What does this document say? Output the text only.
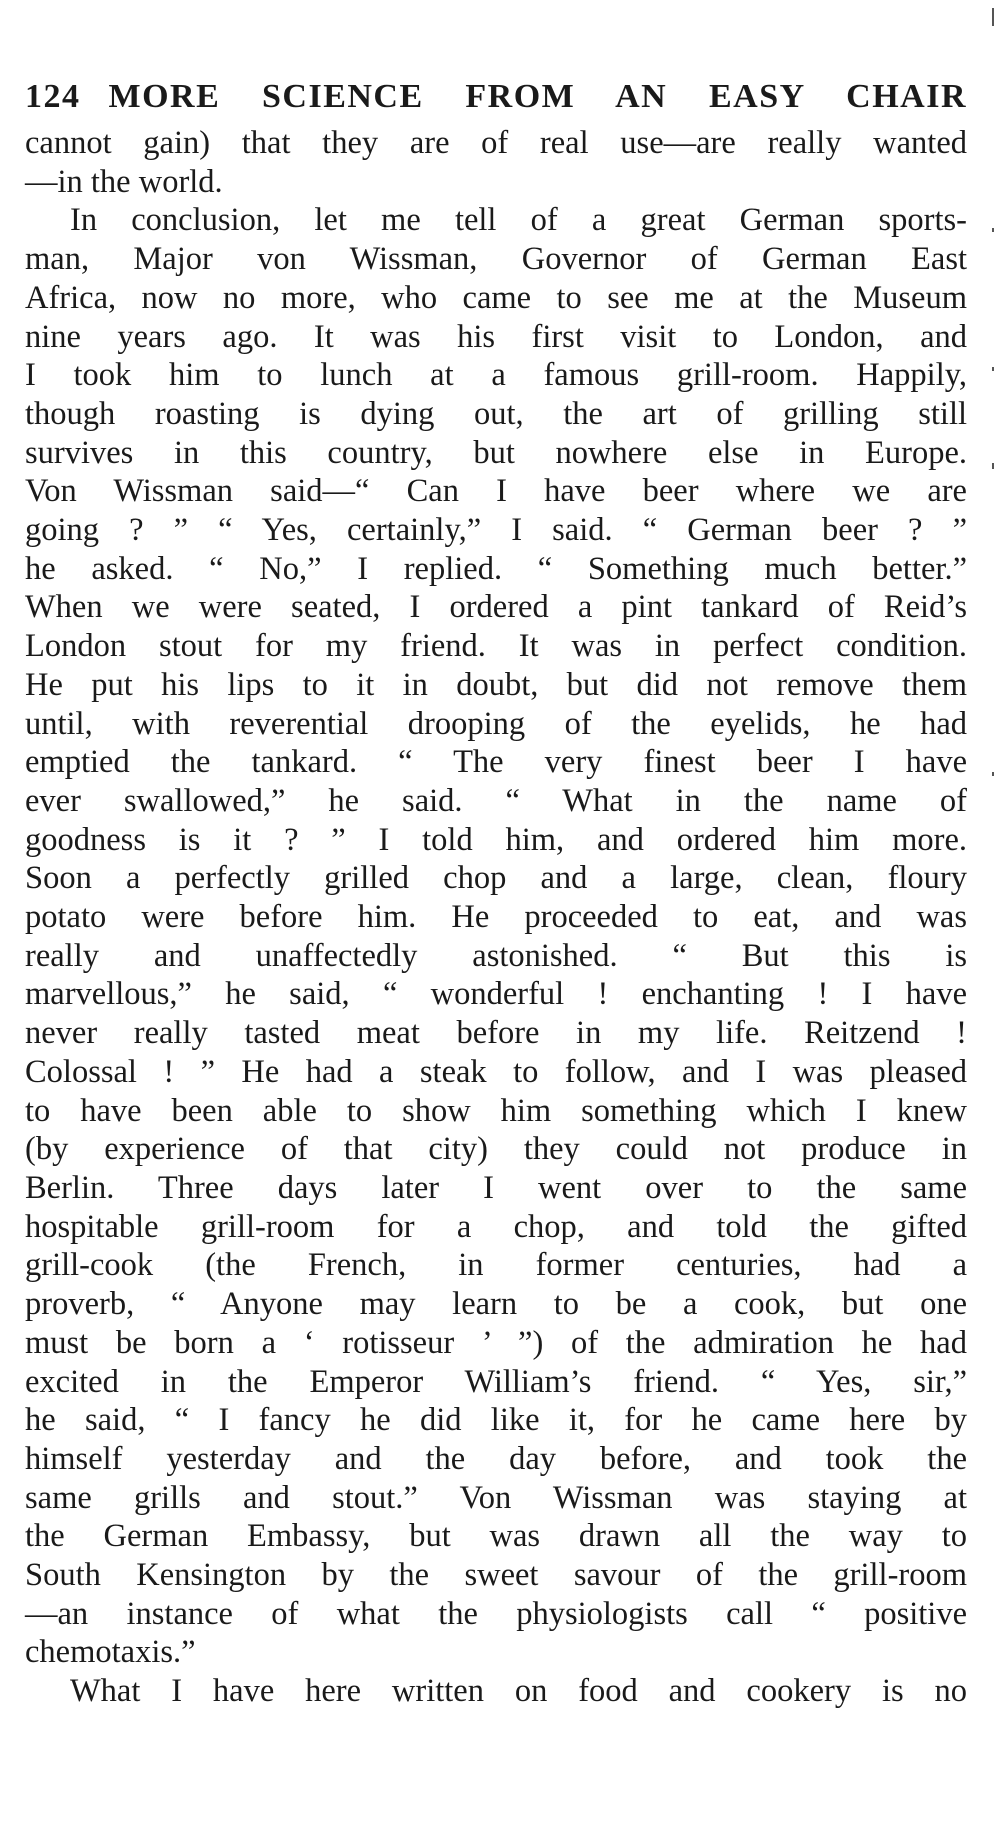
124 MORE SCIENCE FROM AN EASY CHAIR
cannot gain) that they are of real use—are really wanted
—in the world.
In conclusion, let me tell of a great German sports-
man, Major von Wissman, Governor of German East
Africa, now no more, who came to see me at the Museum
nine years ago. It was his first visit to London, and
I took him to lunch at a famous grill-room. Happily,
though roasting is dying out, the art of grilling still
survives in this country, but nowhere else in Europe.
Von Wissman said—“ Can I have beer where we are
going ? ” “ Yes, certainly,” I said. “ German beer ? ”
he asked. “ No,” I replied. “ Something much better.”
When we were seated, I ordered a pint tankard of Reid’s
London stout for my friend. It was in perfect condition.
He put his lips to it in doubt, but did not remove them
until, with reverential drooping of the eyelids, he had
emptied the tankard. “ The very finest beer I have
ever swallowed,” he said. “ What in the name of
goodness is it ? ” I told him, and ordered him more.
Soon a perfectly grilled chop and a large, clean, floury
potato were before him. He proceeded to eat, and was
really and unaffectedly astonished. “ But this is
marvellous,” he said, “ wonderful ! enchanting ! I have
never really tasted meat before in my life. Reitzend !
Colossal ! ” He had a steak to follow, and I was pleased
to have been able to show him something which I knew
(by experience of that city) they could not produce in
Berlin. Three days later I went over to the same
hospitable grill-room for a chop, and told the gifted
grill-cook (the French, in former centuries, had a
proverb, “ Anyone may learn to be a cook, but one
must be born a ‘ rotisseur ’ ”) of the admiration he had
excited in the Emperor William’s friend. “ Yes, sir,”
he said, “ I fancy he did like it, for he came here by
himself yesterday and the day before, and took the
same grills and stout.” Von Wissman was staying at
the German Embassy, but was drawn all the way to
South Kensington by the sweet savour of the grill-room
—an instance of what the physiologists call “ positive
chemotaxis.”
What I have here written on food and cookery is no
